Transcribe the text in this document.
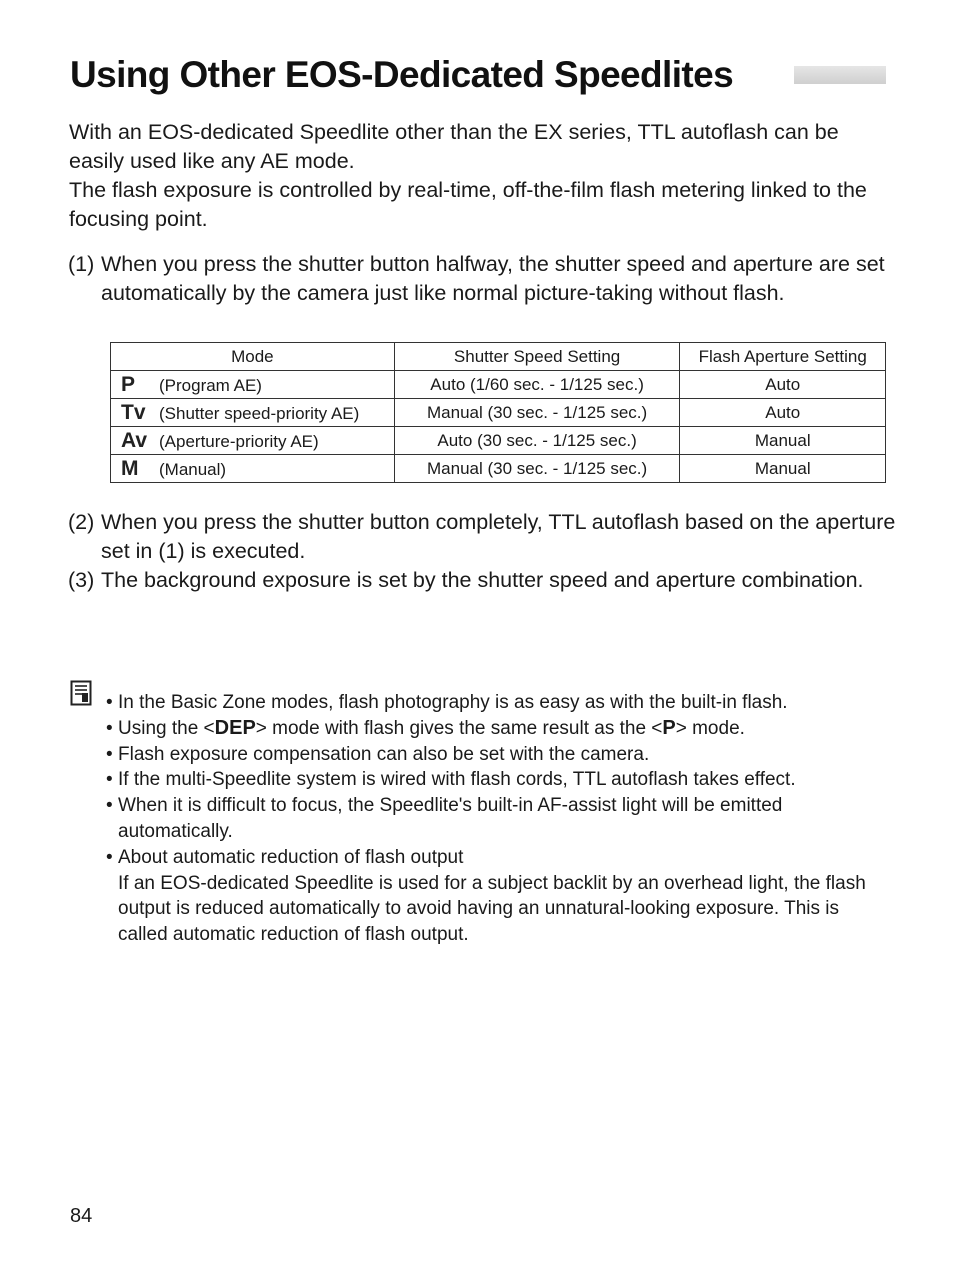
Using Other EOS-Dedicated Speedlites

With an EOS-dedicated Speedlite other than the EX series, TTL autoflash can be easily used like any AE mode.

The flash exposure is controlled by real-time, off-the-film flash metering linked to the focusing point.

(1) When you press the shutter button halfway, the shutter speed and aperture are set automatically by the camera just like normal picture-taking without flash.
Mode	Shutter Speed Setting	Flash Aperture Setting
P (Program AE)	Auto (1/60 sec. - 1/125 sec.)	Auto
Tv (Shutter speed-priority AE)	Manual (30 sec. - 1/125 sec.)	Auto
Av (Aperture-priority AE)	Auto (30 sec. - 1/125 sec.)	Manual
M (Manual)	Manual (30 sec. - 1/125 sec.)	Manual
(2) When you press the shutter button completely, TTL autoflash based on the aperture set in (1) is executed.
(3) The background exposure is set by the shutter speed and aperture combination.
• In the Basic Zone modes, flash photography is as easy as with the built-in flash.
• Using the <DEP> mode with flash gives the same result as the <P> mode.
• Flash exposure compensation can also be set with the camera.
• If the multi-Speedlite system is wired with flash cords, TTL autoflash takes effect.
• When it is difficult to focus, the Speedlite's built-in AF-assist light will be emitted automatically.
• About automatic reduction of flash output
If an EOS-dedicated Speedlite is used for a subject backlit by an overhead light, the flash output is reduced automatically to avoid having an unnatural-looking exposure. This is called automatic reduction of flash output.
84
